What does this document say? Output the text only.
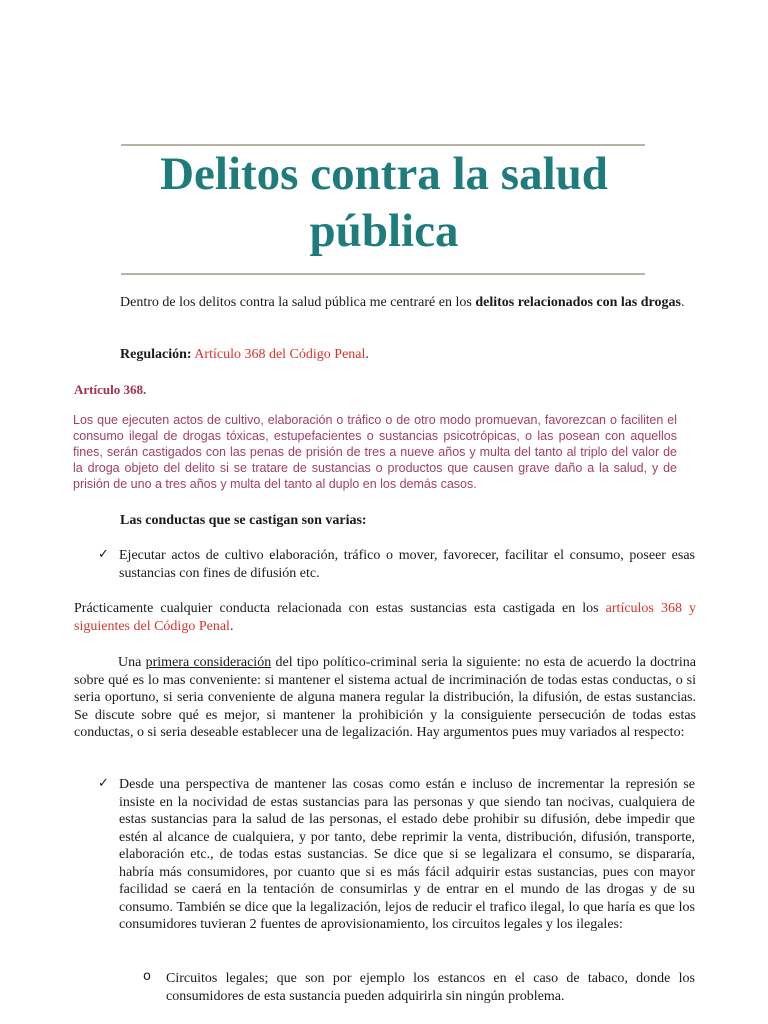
Delitos contra la salud pública

Dentro de los delitos contra la salud pública me centraré en los delitos relacionados con las drogas.

Regulación: Artículo 368 del Código Penal.

Artículo 368.

Los que ejecuten actos de cultivo, elaboración o tráfico o de otro modo promuevan, favorezcan o faciliten el consumo ilegal de drogas tóxicas, estupefacientes o sustancias psicotrópicas, o las posean con aquellos fines, serán castigados con las penas de prisión de tres a nueve años y multa del tanto al triplo del valor de la droga objeto del delito si se tratare de sustancias o productos que causen grave daño a la salud, y de prisión de uno a tres años y multa del tanto al duplo en los demás casos.

Las conductas que se castigan son varias:

✓ Ejecutar actos de cultivo elaboración, tráfico o mover, favorecer, facilitar el consumo, poseer esas sustancias con fines de difusión etc.

Prácticamente cualquier conducta relacionada con estas sustancias esta castigada en los artículos 368 y siguientes del Código Penal.

Una primera consideración del tipo político-criminal seria la siguiente: no esta de acuerdo la doctrina sobre qué es lo mas conveniente: si mantener el sistema actual de incriminación de todas estas conductas, o si seria oportuno, si seria conveniente de alguna manera regular la distribución, la difusión, de estas sustancias. Se discute sobre qué es mejor, si mantener la prohibición y la consiguiente persecución de todas estas conductas, o si seria deseable establecer una de legalización. Hay argumentos pues muy variados al respecto:

✓ Desde una perspectiva de mantener las cosas como están e incluso de incrementar la represión se insiste en la nocividad de estas sustancias para las personas y que siendo tan nocivas, cualquiera de estas sustancias para la salud de las personas, el estado debe prohibir su difusión, debe impedir que estén al alcance de cualquiera, y por tanto, debe reprimir la venta, distribución, difusión, transporte, elaboración etc., de todas estas sustancias. Se dice que si se legalizara el consumo, se dispararía, habría más consumidores, por cuanto que si es más fácil adquirir estas sustancias, pues con mayor facilidad se caerá en la tentación de consumirlas y de entrar en el mundo de las drogas y de su consumo. También se dice que la legalización, lejos de reducir el trafico ilegal, lo que haría es que los consumidores tuvieran 2 fuentes de aprovisionamiento, los circuitos legales y los ilegales:

o Circuitos legales; que son por ejemplo los estancos en el caso de tabaco, donde los consumidores de esta sustancia pueden adquirirla sin ningún problema.
